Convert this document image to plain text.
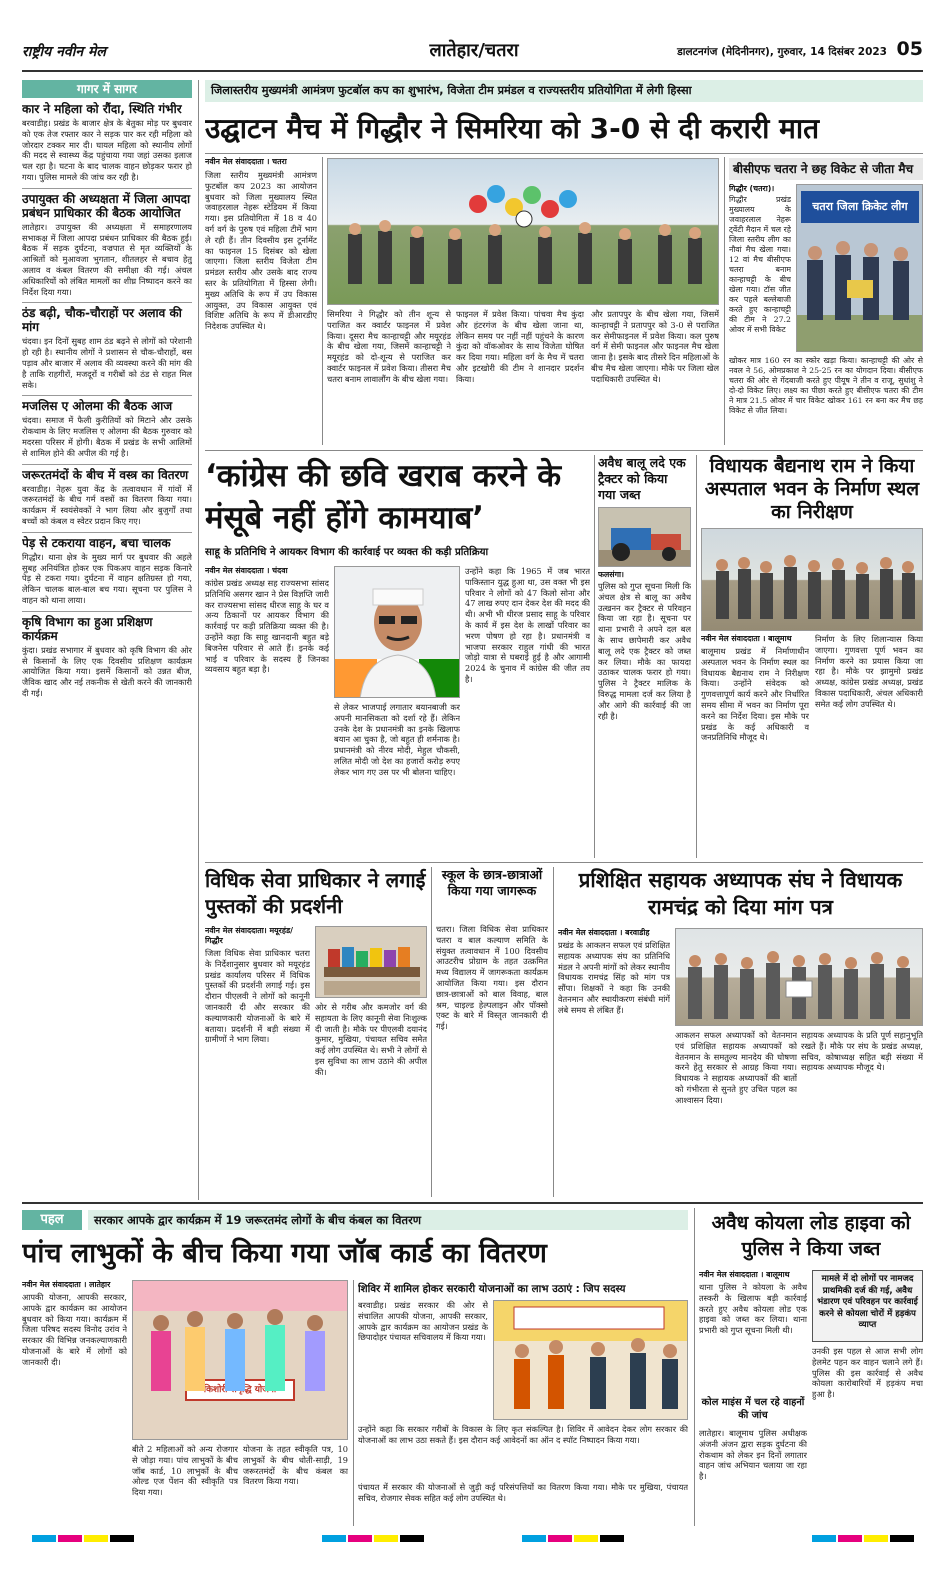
राष्ट्रीय नवीन मेल	लातेहार/चतरा	डालटनगंज (मेदिनीनगर), गुरुवार, 14 दिसंबर 2023 05
गागर में सागर
कार ने महिला को रौंदा, स्थिति गंभीर
बरवाडीह। प्रखंड के बाजार क्षेत्र के बेतुका मोड़ पर बुधवार को एक तेज रफ्तार कार ने सड़क पार कर रही महिला को जोरदार टक्कर मार दी। घायल महिला को स्थानीय लोगों की मदद से स्वास्थ्य केंद्र पहुंचाया गया जहां उसका इलाज चल रहा है। घटना के बाद चालक वाहन छोड़कर फरार हो गया। पुलिस मामले की जांच कर रही है।
उपायुक्त की अध्यक्षता में जिला आपदा प्रबंधन प्राधिकार की बैठक आयोजित
लातेहार। उपायुक्त की अध्यक्षता में समाहरणालय सभाकक्ष में जिला आपदा प्रबंधन प्राधिकार की बैठक हुई। बैठक में सड़क दुर्घटना, वज्रपात से मृत व्यक्तियों के आश्रितों को मुआवजा भुगतान, शीतलहर से बचाव हेतु अलाव व कंबल वितरण की समीक्षा की गई। अंचल अधिकारियों को लंबित मामलों का शीघ्र निष्पादन करने का निर्देश दिया गया।
ठंड बढ़ी, चौक-चौराहों पर अलाव की मांग
चंदवा। इन दिनों सुबह शाम ठंड बढ़ने से लोगों को परेशानी हो रही है। स्थानीय लोगों ने प्रशासन से चौक-चौराहों, बस पड़ाव और बाजार में अलाव की व्यवस्था करने की मांग की है ताकि राहगीरों, मजदूरों व गरीबों को ठंड से राहत मिल सके।
मजलिस ए ओलमा की बैठक आज
चंदवा। समाज में फैली कुरीतियों को मिटाने और उसके रोकथाम के लिए मजलिस ए ओलमा की बैठक गुरुवार को मदरसा परिसर में होगी। बैठक में प्रखंड के सभी आलिमों से शामिल होने की अपील की गई है।
जरूरतमंदों के बीच में वस्त्र का वितरण
बरवाडीह। नेहरू युवा केंद्र के तत्वावधान में गांवों में जरूरतमंदों के बीच गर्म वस्त्रों का वितरण किया गया। कार्यक्रम में स्वयंसेवकों ने भाग लिया और बुजुर्गों तथा बच्चों को कंबल व स्वेटर प्रदान किए गए।
पेड़ से टकराया वाहन, बचा चालक
गिद्धौर। थाना क्षेत्र के मुख्य मार्ग पर बुधवार की अहले सुबह अनियंत्रित होकर एक पिकअप वाहन सड़क किनारे पेड़ से टकरा गया। दुर्घटना में वाहन क्षतिग्रस्त हो गया, लेकिन चालक बाल-बाल बच गया। सूचना पर पुलिस ने वाहन को थाना लाया।
कृषि विभाग का हुआ प्रशिक्षण कार्यक्रम
कुंदा। प्रखंड सभागार में बुधवार को कृषि विभाग की ओर से किसानों के लिए एक दिवसीय प्रशिक्षण कार्यक्रम आयोजित किया गया। इसमें किसानों को उन्नत बीज, जैविक खाद और नई तकनीक से खेती करने की जानकारी दी गई।
जिलास्तरीय मुख्यमंत्री आमंत्रण फुटबॉल कप का शुभारंभ, विजेता टीम प्रमंडल व राज्यस्तरीय प्रतियोगिता में लेगी हिस्सा
उद्घाटन मैच में गिद्धौर ने सिमरिया को 3-0 से दी करारी मात
नवीन मेल संवाददाता । चतरा
जिला स्तरीय मुख्यमंत्री आमंत्रण फुटबॉल कप 2023 का आयोजन बुधवार को जिला मुख्यालय स्थित जवाहरलाल नेहरू स्टेडियम में किया गया। इस प्रतियोगिता में 18 व 40 वर्ग वर्ग के पुरुष एवं महिला टीमें भाग ले रही हैं। तीन दिवसीय इस टूर्नामेंट का फाइनल 15 दिसंबर को खेला जाएगा। जिला स्तरीय विजेता टीम प्रमंडल स्तरीय और उसके बाद राज्य स्तर के प्रतियोगिता में हिस्सा लेगी। मुख्य अतिथि के रूप में उप विकास आयुक्त, उप विकास आयुक्त एवं विशिष्ट अतिथि के रूप में डीआरडीए निदेशक उपस्थित थे।
सिमरिया ने गिद्धौर को तीन शून्य से पराजित कर क्वार्टर फाइनल में प्रवेश किया। दूसरा मैच कान्हाचट्टी और मयूरहंड के बीच खेला गया, जिसमें कान्हाचट्टी ने मयूरहंड को दो-शून्य से पराजित कर क्वार्टर फाइनल में प्रवेश किया। तीसरा मैच चतरा बनाम लावालौंग के बीच खेला गया।
फाइनल में प्रवेश किया। पांचवा मैच कुंदा और हंटरगंज के बीच खेला जाना था, लेकिन समय पर नहीं नहीं पहुंचने के कारण कुंदा को वॉकओवर के साथ विजेता घोषित कर दिया गया। महिला वर्ग के मैच में चतरा और इटखोरी की टीम ने शानदार प्रदर्शन किया।
और प्रतापपुर के बीच खेला गया, जिसमें कान्हाचट्टी ने प्रतापपुर को 3-0 से पराजित कर सेमीफाइनल में प्रवेश किया। कल पुरुष वर्ग में सेमी फाइनल और फाइनल मैच खेला जाना है। इसके बाद तीसरे दिन महिलाओं के बीच मैच खेला जाएगा। मौके पर जिला खेल पदाधिकारी उपस्थित थे।
बीसीएफ चतरा ने छह विकेट से जीता मैच
गिद्धौर (चतरा)।
गिद्धौर प्रखंड मुख्यालय के जवाहरलाल नेहरू ट्वेंटी मैदान में चल रहे जिला स्तरीय लीग का नौवां मैच खेला गया। 12 वां मैच बीसीएफ चतरा बनाम कान्हाचट्टी के बीच खेला गया। टॉस जीत कर पहले बल्लेबाजी करते हुए कान्हाचट्टी की टीम ने 27.2 ओवर में सभी विकेट
चतरा जिला क्रिकेट लीग
खोकर मात्र 160 रन का स्कोर खड़ा किया। कान्हाचट्टी की ओर से नवल ने 56, ओमप्रकाश ने 25-25 रन का योगदान दिया। बीसीएफ चतरा की ओर से गेंदबाजी करते हुए पीयूष ने तीन व राजू, सुधांशु ने दो-दो विकेट लिए। लक्ष्य का पीछा करते हुए बीसीएफ चतरा की टीम ने मात्र 21.5 ओवर में चार विकेट खोकर 161 रन बना कर मैच छह विकेट से जीत लिया।
‘कांग्रेस की छवि खराब करने के मंसूबे नहीं होंगे कामयाब’
साहू के प्रतिनिधि ने आयकर विभाग की कार्रवाई पर व्यक्त की कड़ी प्रतिक्रिया
नवीन मेल संवाददाता । चंदवा
कांग्रेस प्रखंड अध्यक्ष सह राज्यसभा सांसद प्रतिनिधि असगर खान ने प्रेस विज्ञप्ति जारी कर राज्यसभा सांसद धीरज साहू के घर व अन्य ठिकानों पर आयकर विभाग की कार्रवाई पर कड़ी प्रतिक्रिया व्यक्त की है। उन्होंने कहा कि साहू खानदानी बहुत बड़े बिजनेस परिवार से आते हैं। इनके कई भाई व परिवार के सदस्य हैं जिनका व्यवसाय बहुत बड़ा है।
से लेकर भाजपाई लगातार बयानबाजी कर अपनी मानसिकता को दर्शा रहे हैं। लेकिन उनके देश के प्रधानमंत्री का इनके खिलाफ बयान आ चुका है, जो बहुत ही शर्मनाक है। प्रधानमंत्री को नीरव मोदी, मेहुल चौकसी, ललित मोदी जो देश का हजारों करोड़ रुपए लेकर भाग गए उस पर भी बोलना चाहिए।
उन्होंने कहा कि 1965 में जब भारत पाकिस्तान युद्ध हुआ था, उस वक्त भी इस परिवार ने लोगों को 47 किलो सोना और 47 लाख रुपए दान देकर देश की मदद की थी। अभी भी धीरज प्रसाद साहू के परिवार के कार्य में इस देश के लाखों परिवार का भरण पोषण हो रहा है। प्रधानमंत्री व भाजपा सरकार राहुल गांधी की भारत जोड़ो यात्रा से घबराई हुई है और आगामी 2024 के चुनाव में कांग्रेस की जीत तय है।
अवैध बालू लदे एक ट्रैक्टर को किया गया जब्त
फलसंगा।
पुलिस को गुप्त सूचना मिली कि अंचल क्षेत्र से बालू का अवैध उत्खनन कर ट्रैक्टर से परिवहन किया जा रहा है। सूचना पर थाना प्रभारी ने अपने दल बल के साथ छापेमारी कर अवैध बालू लदे एक ट्रैक्टर को जब्त कर लिया। मौके का फायदा उठाकर चालक फरार हो गया। पुलिस ने ट्रैक्टर मालिक के विरुद्ध मामला दर्ज कर लिया है और आगे की कार्रवाई की जा रही है।
विधायक बैद्यनाथ राम ने किया अस्पताल भवन के निर्माण स्थल का निरीक्षण
नवीन मेल संवाददाता । बालूमाथ
बालूमाथ प्रखंड में निर्माणाधीन अस्पताल भवन के निर्माण स्थल का विधायक बैद्यनाथ राम ने निरीक्षण किया। उन्होंने संवेदक को गुणवत्तापूर्ण कार्य करने और निर्धारित समय सीमा में भवन का निर्माण पूरा करने का निर्देश दिया। इस मौके पर प्रखंड के कई अधिकारी व जनप्रतिनिधि मौजूद थे।
निर्माण के लिए शिलान्यास किया जाएगा। गुणवत्ता पूर्ण भवन का निर्माण करने का प्रयास किया जा रहा है। मौके पर झामुमो प्रखंड अध्यक्ष, कांग्रेस प्रखंड अध्यक्ष, प्रखंड विकास पदाधिकारी, अंचल अधिकारी समेत कई लोग उपस्थित थे।
विधिक सेवा प्राधिकार ने लगाई पुस्तकों की प्रदर्शनी
नवीन मेल संवाददाता। मयूरहंड/गिद्धौर
जिला विधिक सेवा प्राधिकार चतरा के निर्देशानुसार बुधवार को मयूरहंड प्रखंड कार्यालय परिसर में विधिक पुस्तकों की प्रदर्शनी लगाई गई। इस दौरान पीएलवी ने लोगों को कानूनी जानकारी दी और सरकार की कल्याणकारी योजनाओं के बारे में बताया। प्रदर्शनी में बड़ी संख्या में ग्रामीणों ने भाग लिया।
ओर से गरीब और कमजोर वर्ग की सहायता के लिए कानूनी सेवा निःशुल्क दी जाती है। मौके पर पीएलवी दयानंद कुमार, मुखिया, पंचायत सचिव समेत कई लोग उपस्थित थे। सभी ने लोगों से इस सुविधा का लाभ उठाने की अपील की।
स्कूल के छात्र-छात्राओं किया गया जागरूक
चतरा। जिला विधिक सेवा प्राधिकार चतरा व बाल कल्याण समिति के संयुक्त तत्वावधान में 100 दिवसीय आउटरीच प्रोग्राम के तहत उत्क्रमित मध्य विद्यालय में जागरूकता कार्यक्रम आयोजित किया गया। इस दौरान छात्र-छात्राओं को बाल विवाह, बाल श्रम, चाइल्ड हेल्पलाइन और पॉक्सो एक्ट के बारे में विस्तृत जानकारी दी गई।
प्रशिक्षित सहायक अध्यापक संघ ने विधायक रामचंद्र को दिया मांग पत्र
नवीन मेल संवाददाता । बरवाडीह
प्रखंड के आकलन सफल एवं प्रशिक्षित सहायक अध्यापक संघ का प्रतिनिधि मंडल ने अपनी मांगों को लेकर स्थानीय विधायक रामचंद्र सिंह को मांग पत्र सौंपा। शिक्षकों ने कहा कि उनकी वेतनमान और स्थायीकरण संबंधी मांगें लंबे समय से लंबित हैं।
आकलन सफल अध्यापकों को वेतनमान एवं प्रशिक्षित सहायक अध्यापकों को वेतनमान के समतुल्य मानदेय की घोषणा करने हेतु सरकार से आग्रह किया गया। विधायक ने सहायक अध्यापकों की बातों को गंभीरता से सुनते हुए उचित पहल का आश्वासन दिया।
सहायक अध्यापक के प्रति पूर्ण सहानुभूति रखते हैं। मौके पर संघ के प्रखंड अध्यक्ष, सचिव, कोषाध्यक्ष सहित बड़ी संख्या में सहायक अध्यापक मौजूद थे।
पहल	सरकार आपके द्वार कार्यक्रम में 19 जरूरतमंद लोगों के बीच कंबल का वितरण
पांच लाभुकों के बीच किया गया जॉब कार्ड का वितरण
नवीन मेल संवाददाता । लातेहार
आपकी योजना, आपकी सरकार, आपके द्वार कार्यक्रम का आयोजन बुधवार को किया गया। कार्यक्रम में जिला परिषद सदस्य विनोद उरांव ने सरकार की विभिन्न जनकल्याणकारी योजनाओं के बारे में लोगों को जानकारी दी।
किशोरी
बीते 2 महिलाओं को अन्य रोजगार से जोड़ा गया। पांच लाभुकों के बीच जॉब कार्ड, 10 लाभुकों के बीच ओल्ड एज पेंशन की स्वीकृति पत्र दिया गया।
योजना के तहत स्वीकृति पत्र, 10 लाभुकों के बीच धोती-साड़ी, 19 जरूरतमंदों के बीच कंबल का वितरण किया गया।
शिविर में शामिल होकर सरकारी योजनाओं का लाभ उठाएं : जिप सदस्य
बरवाडीह। प्रखंड सरकार की ओर से संचालित आपकी योजना, आपकी सरकार, आपके द्वार कार्यक्रम का आयोजन प्रखंड के छिपादोहर पंचायत सचिवालय में किया गया।
उन्होंने कहा कि सरकार गरीबों के विकास के लिए कृत संकल्पित है। शिविर में आवेदन देकर लोग सरकार की योजनाओं का लाभ उठा सकते हैं। इस दौरान कई आवेदनों का ऑन द स्पॉट निष्पादन किया गया।
पंचायत में सरकार की योजनाओं से जुड़ी कई परिसंपत्तियों का वितरण किया गया। मौके पर मुखिया, पंचायत सचिव, रोजगार सेवक सहित कई लोग उपस्थित थे।
अवैध कोयला लोड हाइवा को पुलिस ने किया जब्त
नवीन मेल संवाददाता । बालूमाथ
थाना पुलिस ने कोयला के अवैध तस्करी के खिलाफ बड़ी कार्रवाई करते हुए अवैध कोयला लोड एक हाइवा को जब्त कर लिया। थाना प्रभारी को गुप्त सूचना मिली थी।
मामले में दो लोगों पर नामजद प्राथमिकी दर्ज की गई, अवैध भंडारण एवं परिवहन पर कार्रवाई करने से कोयला चोरों में हड़कंप व्याप्त
उनकी इस पहल से आज सभी लोग हेलमेट पहन कर वाहन चलाने लगे हैं। पुलिस की इस कार्रवाई से अवैध कोयला कारोबारियों में हड़कंप मचा हुआ है।
कोल माइंस में चल रहे वाहनों की जांच
लातेहार। बालूमाथ पुलिस अधीक्षक अंजनी अंजन द्वारा सड़क दुर्घटना की रोकथाम को लेकर इन दिनों लगातार वाहन जांच अभियान चलाया जा रहा है।
